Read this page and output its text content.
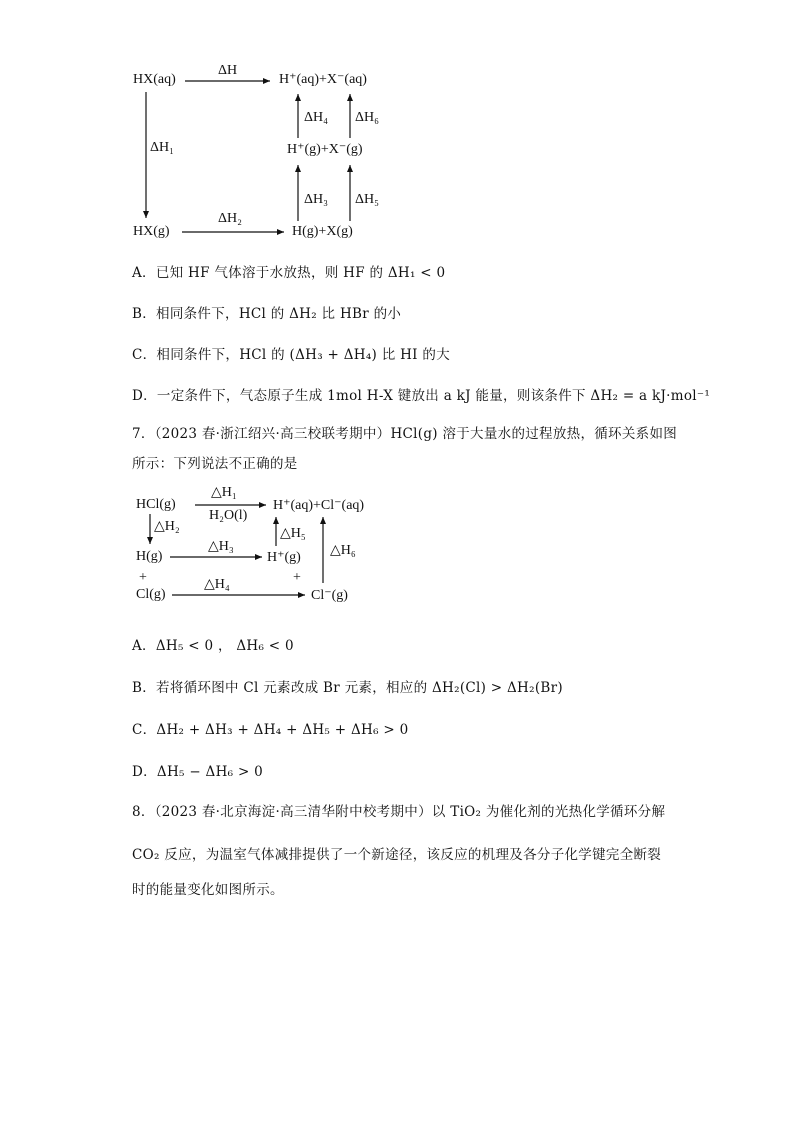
HX(aq)	H⁺(aq)+X⁻(aq)
ΔH
ΔH₁
ΔH₄ ΔH₆
H⁺(g)+X⁻(g)
ΔH₃ ΔH₅
ΔH₂
HX(g)	H(g)+X(g)
A．已知 HF 气体溶于水放热，则 HF 的 ΔH₁ < 0
B．相同条件下，HCl 的 ΔH₂ 比 HBr 的小
C．相同条件下，HCl 的 (ΔH₃ + ΔH₄) 比 HI 的大
D．一定条件下，气态原子生成 1mol H-X 键放出 a kJ 能量，则该条件下 ΔH₂ = a kJ·mol⁻¹
7．（2023 春·浙江绍兴·高三校联考期中）HCl(g) 溶于大量水的过程放热，循环关系如图
所示：下列说法不正确的是
HCl(g)
△H₁
H₂O(l)
H⁺(aq)+Cl⁻(aq)
△H₂	△H₅
△H₆
△H₃
H(g)	H⁺(g)
+	+
△H₄
Cl(g)	Cl⁻(g)
A．ΔH₅ < 0 ， ΔH₆ < 0
B．若将循环图中 Cl 元素改成 Br 元素，相应的 ΔH₂(Cl) > ΔH₂(Br)
C．ΔH₂ + ΔH₃ + ΔH₄ + ΔH₅ + ΔH₆ > 0
D．ΔH₅ − ΔH₆ > 0
8．（2023 春·北京海淀·高三清华附中校考期中）以 TiO₂ 为催化剂的光热化学循环分解
CO₂ 反应，为温室气体减排提供了一个新途径，该反应的机理及各分子化学键完全断裂
时的能量变化如图所示。
